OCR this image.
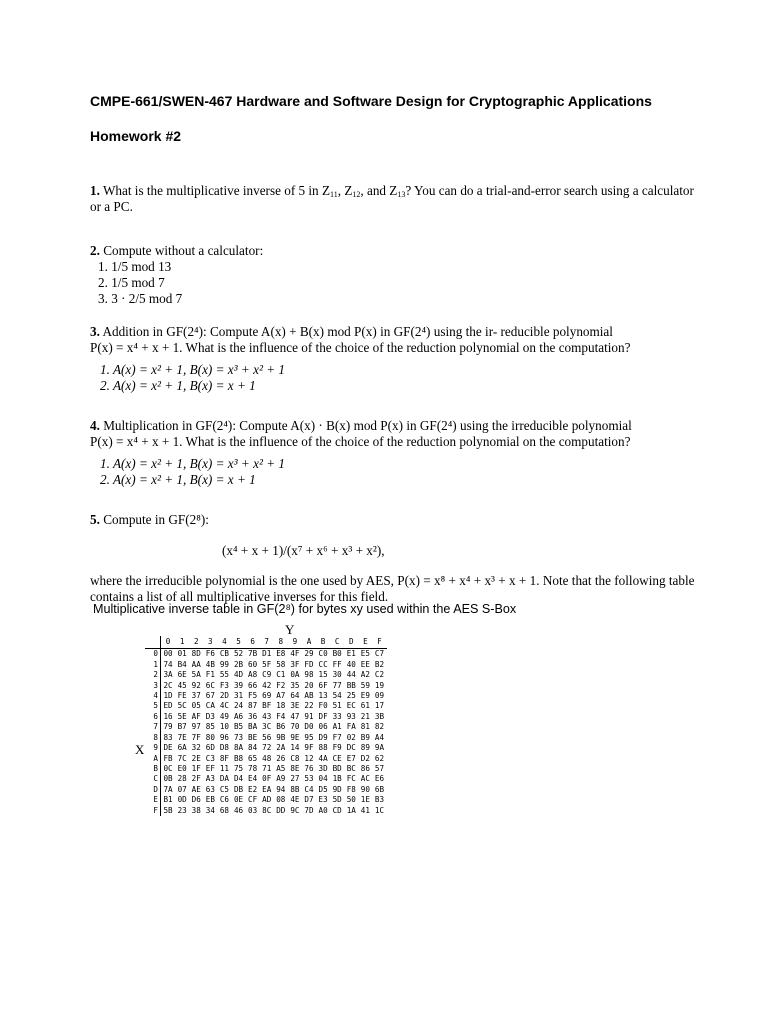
CMPE-661/SWEN-467 Hardware and Software Design for Cryptographic Applications
Homework #2
1. What is the multiplicative inverse of 5 in $Z_{11}$, $Z_{12}$, and $Z_{13}$? You can do a trial-and-error search using a calculator
or a PC.
2. Compute without a calculator:
1. 1/5 mod 13
2. 1/5 mod 7
3. 3 · 2/5 mod 7
3. Addition in GF(2⁴): Compute A(x) + B(x) mod P(x) in GF(2⁴) using the ir- reducible polynomial
P(x) = x⁴ + x + 1. What is the influence of the choice of the reduction polynomial on the computation?
1. A(x) = x² + 1, B(x) = x³ + x² + 1
2. A(x) = x² + 1, B(x) = x + 1
4. Multiplication in GF(2⁴): Compute A(x) · B(x) mod P(x) in GF(2⁴) using the irreducible polynomial
P(x) = x⁴ + x + 1. What is the influence of the choice of the reduction polynomial on the computation?
1. A(x) = x² + 1, B(x) = x³ + x² + 1
2. A(x) = x² + 1, B(x) = x + 1
5. Compute in GF(2⁸):
(x⁴ + x + 1)/(x⁷ + x⁶ + x³ + x²),
where the irreducible polynomial is the one used by AES, P(x) = x⁸ + x⁴ + x³ + x + 1. Note that the following table
contains a list of all multiplicative inverses for this field.
Multiplicative inverse table in GF(2⁸) for bytes xy used within the AES S-Box
Y
X
	0	1	2	3	4	5	6	7	8	9	A	B	C	D	E	F
0	00	01	8D	F6	CB	52	7B	D1	E8	4F	29	C0	B0	E1	E5	C7
1	74	B4	AA	4B	99	2B	60	5F	58	3F	FD	CC	FF	40	EE	B2
2	3A	6E	5A	F1	55	4D	A8	C9	C1	0A	98	15	30	44	A2	C2
3	2C	45	92	6C	F3	39	66	42	F2	35	20	6F	77	BB	59	19
4	1D	FE	37	67	2D	31	F5	69	A7	64	AB	13	54	25	E9	09
5	ED	5C	05	CA	4C	24	87	BF	18	3E	22	F0	51	EC	61	17
6	16	5E	AF	D3	49	A6	36	43	F4	47	91	DF	33	93	21	3B
7	79	B7	97	85	10	B5	BA	3C	B6	70	D0	06	A1	FA	81	82
8	83	7E	7F	80	96	73	BE	56	9B	9E	95	D9	F7	02	B9	A4
9	DE	6A	32	6D	D8	8A	84	72	2A	14	9F	88	F9	DC	89	9A
A	FB	7C	2E	C3	8F	B8	65	48	26	C8	12	4A	CE	E7	D2	62
B	0C	E0	1F	EF	11	75	78	71	A5	8E	76	3D	BD	BC	86	57
C	0B	28	2F	A3	DA	D4	E4	0F	A9	27	53	04	1B	FC	AC	E6
D	7A	07	AE	63	C5	DB	E2	EA	94	8B	C4	D5	9D	F8	90	6B
E	B1	0D	D6	EB	C6	0E	CF	AD	08	4E	D7	E3	5D	50	1E	B3
F	5B	23	38	34	68	46	03	8C	DD	9C	7D	A0	CD	1A	41	1C
